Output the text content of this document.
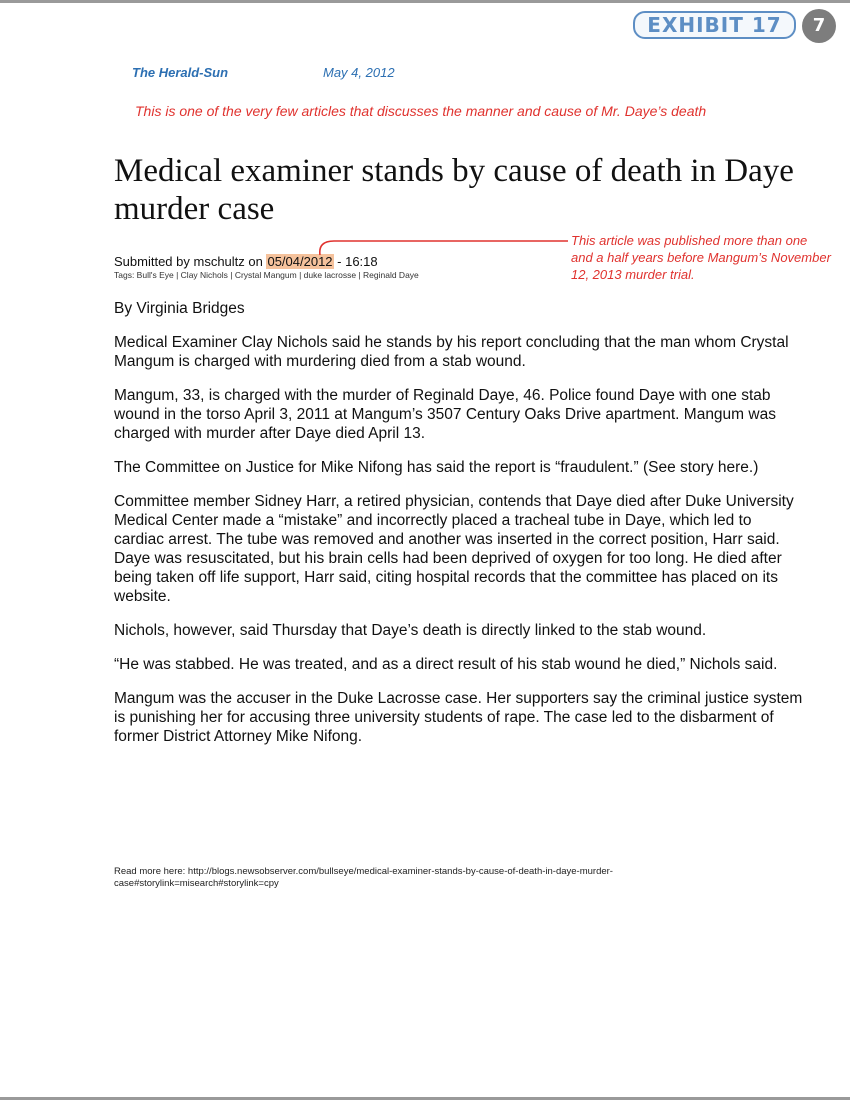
EXHIBIT 17	7
The Herald-Sun	May 4, 2012
This is one of the very few articles that discusses the manner and cause of Mr. Daye’s death
Medical examiner stands by cause of death in Daye murder case
Submitted by mschultz on 05/04/2012 - 16:18
Tags: Bull's Eye | Clay Nichols | Crystal Mangum | duke lacrosse | Reginald Daye
This article was published more than one and a half years before Mangum’s November 12, 2013 murder trial.
By Virginia Bridges

Medical Examiner Clay Nichols said he stands by his report concluding that the man whom Crystal Mangum is charged with murdering died from a stab wound.

Mangum, 33, is charged with the murder of Reginald Daye, 46. Police found Daye with one stab wound in the torso April 3, 2011 at Mangum’s 3507 Century Oaks Drive apartment. Mangum was charged with murder after Daye died April 13.

The Committee on Justice for Mike Nifong has said the report is “fraudulent.” (See story here.)

Committee member Sidney Harr, a retired physician, contends that Daye died after Duke University Medical Center made a “mistake” and incorrectly placed a tracheal tube in Daye, which led to cardiac arrest. The tube was removed and another was inserted in the correct position, Harr said. Daye was resuscitated, but his brain cells had been deprived of oxygen for too long. He died after being taken off life support, Harr said, citing hospital records that the committee has placed on its website.

Nichols, however, said Thursday that Daye’s death is directly linked to the stab wound.

“He was stabbed. He was treated, and as a direct result of his stab wound he died,” Nichols said.

Mangum was the accuser in the Duke Lacrosse case. Her supporters say the criminal justice system is punishing her for accusing three university students of rape. The case led to the disbarment of former District Attorney Mike Nifong.

Read more here: http://blogs.newsobserver.com/bullseye/medical-examiner-stands-by-cause-of-death-in-daye-murder-case#storylink=misearch#storylink=cpy
